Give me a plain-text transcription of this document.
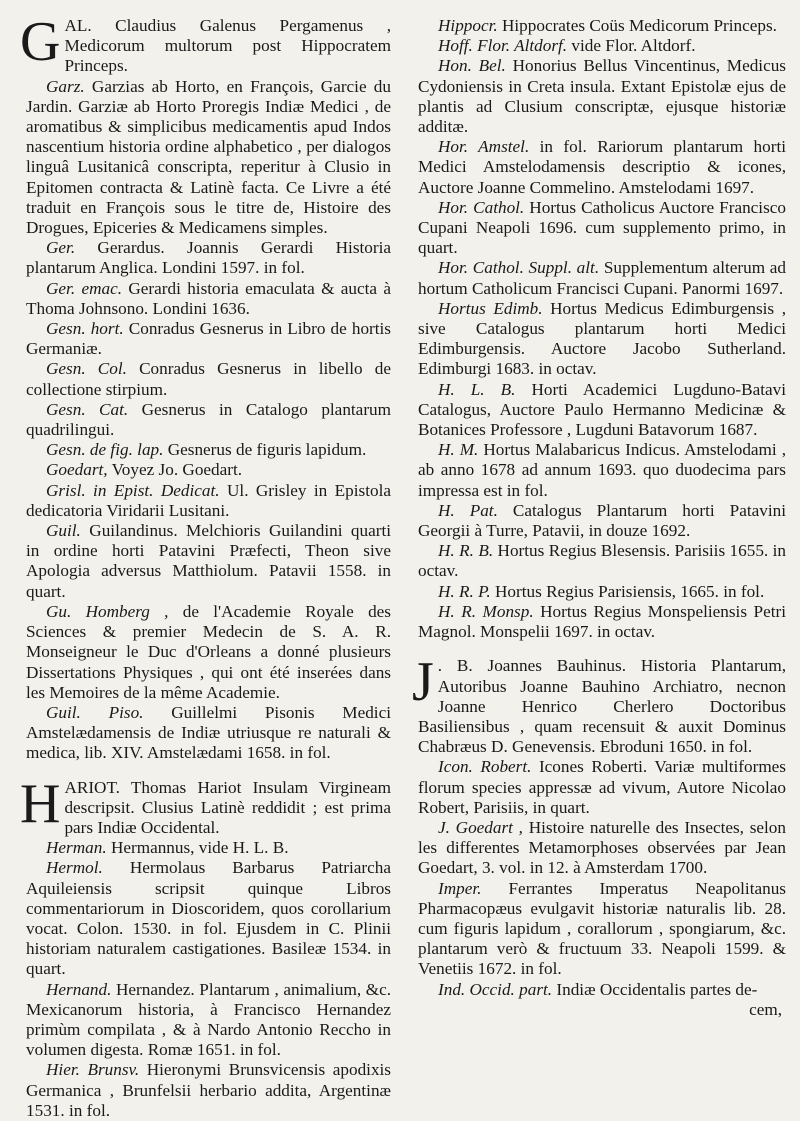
GAL. Claudius Galenus Pergamenus , Medicorum multorum post Hippocratem Princeps.

Garz. Garzias ab Horto, en François, Garcie du Jardin. Garziæ ab Horto Proregis Indiæ Medici , de aromatibus & simplicibus medicamentis apud Indos nascentium historia ordine alphabetico , per dialogos linguâ Lusitanicâ conscripta, reperitur à Clusio in Epitomen contracta & Latinè facta. Ce Livre a été traduit en François sous le titre de, Histoire des Drogues, Epiceries & Medicamens simples.

Ger. Gerardus. Joannis Gerardi Historia plantarum Anglica. Londini 1597. in fol.

Ger. emac. Gerardi historia emaculata & aucta à Thoma Johnsono. Londini 1636.

Gesn. hort. Conradus Gesnerus in Libro de hortis Germaniæ.

Gesn. Col. Conradus Gesnerus in libello de collectione stirpium.

Gesn. Cat. Gesnerus in Catalogo plantarum quadrilingui.

Gesn. de fig. lap. Gesnerus de figuris lapidum.

Goedart, Voyez Jo. Goedart.

Grisl. in Epist. Dedicat. Ul. Grisley in Epistola dedicatoria Viridarii Lusitani.

Guil. Guilandinus. Melchioris Guilandini quarti in ordine horti Patavini Præfecti, Theon sive Apologia adversus Matthiolum. Patavii 1558. in quart.

Gu. Homberg , de l'Academie Royale des Sciences & premier Medecin de S. A. R. Monseigneur le Duc d'Orleans a donné plusieurs Dissertations Physiques , qui ont été inserées dans les Memoires de la même Academie.

Guil. Piso. Guillelmi Pisonis Medici Amstelædamensis de Indiæ utriusque re naturali & medica, lib. XIV. Amstelædami 1658. in fol.

HARIOT. Thomas Hariot Insulam Virgineam descripsit. Clusius Latinè reddidit ; est prima pars Indiæ Occidental.

Herman. Hermannus, vide H. L. B.

Hermol. Hermolaus Barbarus Patriarcha Aquileiensis scripsit quinque Libros commentariorum in Dioscoridem, quos corollarium vocat. Colon. 1530. in fol. Ejusdem in C. Plinii historiam naturalem castigationes. Basileæ 1534. in quart.

Hernand. Hernandez. Plantarum , animalium, &c. Mexicanorum historia, à Francisco Hernandez primùm compilata , & à Nardo Antonio Reccho in volumen digesta. Romæ 1651. in fol.

Hier. Brunsv. Hieronymi Brunsvicensis apodixis Germanica , Brunfelsii herbario addita, Argentinæ 1531. in fol.

Hippocr. Hippocrates Coüs Medicorum Princeps.

Hoff. Flor. Altdorf. vide Flor. Altdorf.

Hon. Bel. Honorius Bellus Vincentinus, Medicus Cydoniensis in Creta insula. Extant Epistolæ ejus de plantis ad Clusium conscriptæ, ejusque historiæ additæ.

Hor. Amstel. in fol. Rariorum plantarum horti Medici Amstelodamensis descriptio & icones, Auctore Joanne Commelino. Amstelodami 1697.

Hor. Cathol. Hortus Catholicus Auctore Francisco Cupani Neapoli 1696. cum supplemento primo, in quart.

Hor. Cathol. Suppl. alt. Supplementum alterum ad hortum Catholicum Francisci Cupani. Panormi 1697.

Hortus Edimb. Hortus Medicus Edimburgensis , sive Catalogus plantarum horti Medici Edimburgensis. Auctore Jacobo Sutherland. Edimburgi 1683. in octav.

H. L. B. Horti Academici Lugduno-Batavi Catalogus, Auctore Paulo Hermanno Medicinæ & Botanices Professore , Lugduni Batavorum 1687.

H. M. Hortus Malabaricus Indicus. Amstelodami , ab anno 1678 ad annum 1693. quo duodecima pars impressa est in fol.

H. Pat. Catalogus Plantarum horti Patavini Georgii à Turre, Patavii, in douze 1692.

H. R. B. Hortus Regius Blesensis. Parisiis 1655. in octav.

H. R. P. Hortus Regius Parisiensis, 1665. in fol.

H. R. Monsp. Hortus Regius Monspeliensis Petri Magnol. Monspelii 1697. in octav.

J . B. Joannes Bauhinus. Historia Plantarum, Autoribus Joanne Bauhino Archiatro, necnon Joanne Henrico Cherlero Doctoribus Basiliensibus , quam recensuit & auxit Dominus Chabræus D. Genevensis. Ebroduni 1650. in fol.

Icon. Robert. Icones Roberti. Variæ multiformes florum species appressæ ad vivum, Autore Nicolao Robert, Parisiis, in quart.

J. Goedart , Histoire naturelle des Insectes, selon les differentes Metamorphoses observées par Jean Goedart, 3. vol. in 12. à Amsterdam 1700.

Imper. Ferrantes Imperatus Neapolitanus Pharmacopæus evulgavit historiæ naturalis lib. 28. cum figuris lapidum , corallorum , spongiarum, &c. plantarum verò & fructuum 33. Neapoli 1599. & Venetiis 1672. in fol.

Ind. Occid. part. Indiæ Occidentalis partes de-

cem,
